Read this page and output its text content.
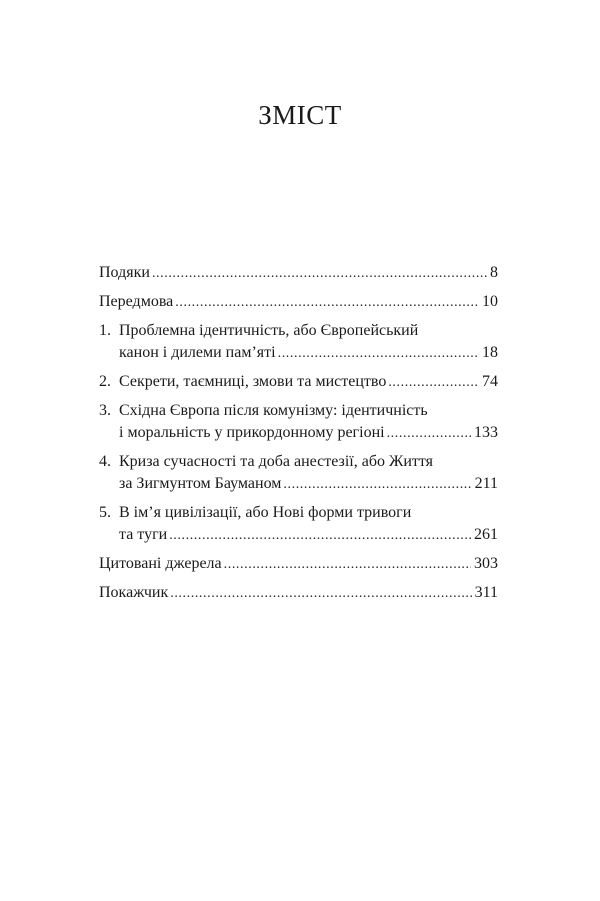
ЗМІСТ
Подяки .....	8
Передмова .....	10
1. Проблемна ідентичність, або Європейський
канон і дилеми пам’яті .....	18
2. Секрети, таємниці, змови та мистецтво .....	74
3. Східна Європа після комунізму: ідентичність
і моральність у прикордонному регіоні .....	133
4. Криза сучасності та доба анестезії, або Життя
за Зигмунтом Бауманом .....	211
5. В ім’я цивілізації, або Нові форми тривоги
та туги .....	261
Цитовані джерела .....	303
Покажчик .....	311
